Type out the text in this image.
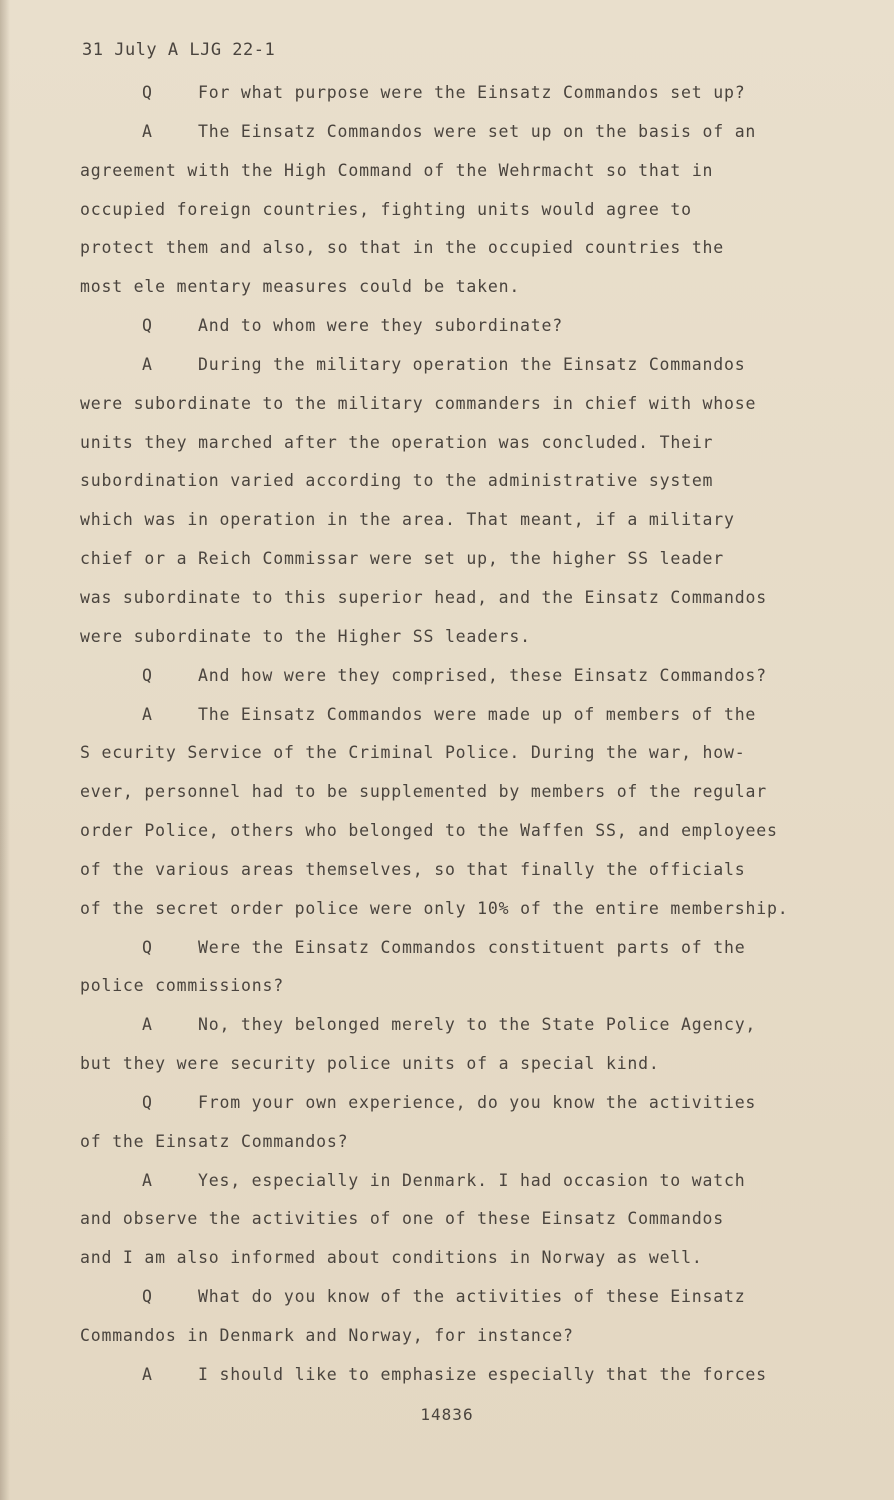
31 July A LJG 22-1
Q	For what purpose were the Einsatz Commandos set up?
A	The Einsatz Commandos were set up on the basis of an
agreement with the High Command of the Wehrmacht so that in
occupied foreign countries, fighting units would agree to
protect them and also, so that in the occupied countries the
most ele mentary measures could be taken.
Q	And to whom were they subordinate?
A	During the military operation the Einsatz Commandos
were subordinate to the military commanders in chief with whose
units they marched after the operation was concluded. Their
subordination varied according to the administrative system
which was in operation in the area. That meant, if a military
chief or a Reich Commissar were set up, the higher SS leader
was subordinate to this superior head, and the Einsatz Commandos
were subordinate to the Higher SS leaders.
Q	And how were they comprised, these Einsatz Commandos?
A	The Einsatz Commandos were made up of members of the
S ecurity Service of the Criminal Police. During the war, how-
ever, personnel had to be supplemented by members of the regular
order Police, others who belonged to the Waffen SS, and employees
of the various areas themselves, so that finally the officials
of the secret order police were only 10% of the entire membership.
Q	Were the Einsatz Commandos constituent parts of the
police commissions?
A	No, they belonged merely to the State Police Agency,
but they were security police units of a special kind.
Q	From your own experience, do you know the activities
of the Einsatz Commandos?
A	Yes, especially in Denmark. I had occasion to watch
and observe the activities of one of these Einsatz Commandos
and I am also informed about conditions in Norway as well.
Q	What do you know of the activities of these Einsatz
Commandos in Denmark and Norway, for instance?
A	I should like to emphasize especially that the forces
14836
